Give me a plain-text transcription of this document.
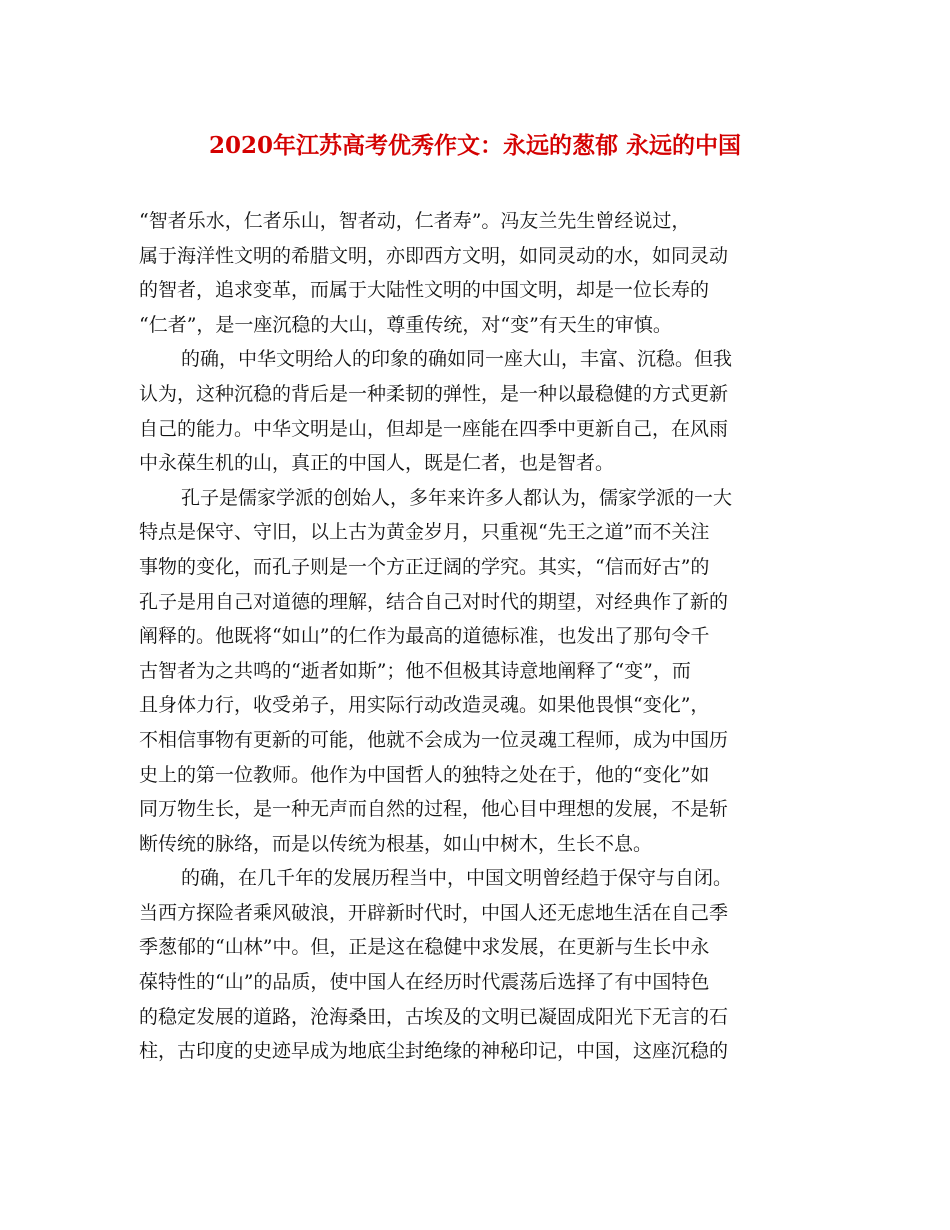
2020年江苏高考优秀作文：永远的葱郁 永远的中国
“智者乐水，仁者乐山，智者动，仁者寿”。冯友兰先生曾经说过，
属于海洋性文明的希腊文明，亦即西方文明，如同灵动的水，如同灵动
的智者，追求变革，而属于大陆性文明的中国文明，却是一位长寿的
“仁者”，是一座沉稳的大山，尊重传统，对“变”有天生的审慎。
的确，中华文明给人的印象的确如同一座大山，丰富、沉稳。但我
认为，这种沉稳的背后是一种柔韧的弹性，是一种以最稳健的方式更新
自己的能力。中华文明是山，但却是一座能在四季中更新自己，在风雨
中永葆生机的山，真正的中国人，既是仁者，也是智者。
孔子是儒家学派的创始人，多年来许多人都认为，儒家学派的一大
特点是保守、守旧，以上古为黄金岁月，只重视“先王之道”而不关注
事物的变化，而孔子则是一个方正迂阔的学究。其实，“信而好古”的
孔子是用自己对道德的理解，结合自己对时代的期望，对经典作了新的
阐释的。他既将“如山”的仁作为最高的道德标准，也发出了那句令千
古智者为之共鸣的“逝者如斯”；他不但极其诗意地阐释了“变”，而
且身体力行，收受弟子，用实际行动改造灵魂。如果他畏惧“变化”，
不相信事物有更新的可能，他就不会成为一位灵魂工程师，成为中国历
史上的第一位教师。他作为中国哲人的独特之处在于，他的“变化”如
同万物生长，是一种无声而自然的过程，他心目中理想的发展，不是斩
断传统的脉络，而是以传统为根基，如山中树木，生长不息。
的确，在几千年的发展历程当中，中国文明曾经趋于保守与自闭。
当西方探险者乘风破浪，开辟新时代时，中国人还无虑地生活在自己季
季葱郁的“山林”中。但，正是这在稳健中求发展，在更新与生长中永
葆特性的“山”的品质，使中国人在经历时代震荡后选择了有中国特色
的稳定发展的道路，沧海桑田，古埃及的文明已凝固成阳光下无言的石
柱，古印度的史迹早成为地底尘封绝缘的神秘印记，中国，这座沉稳的
